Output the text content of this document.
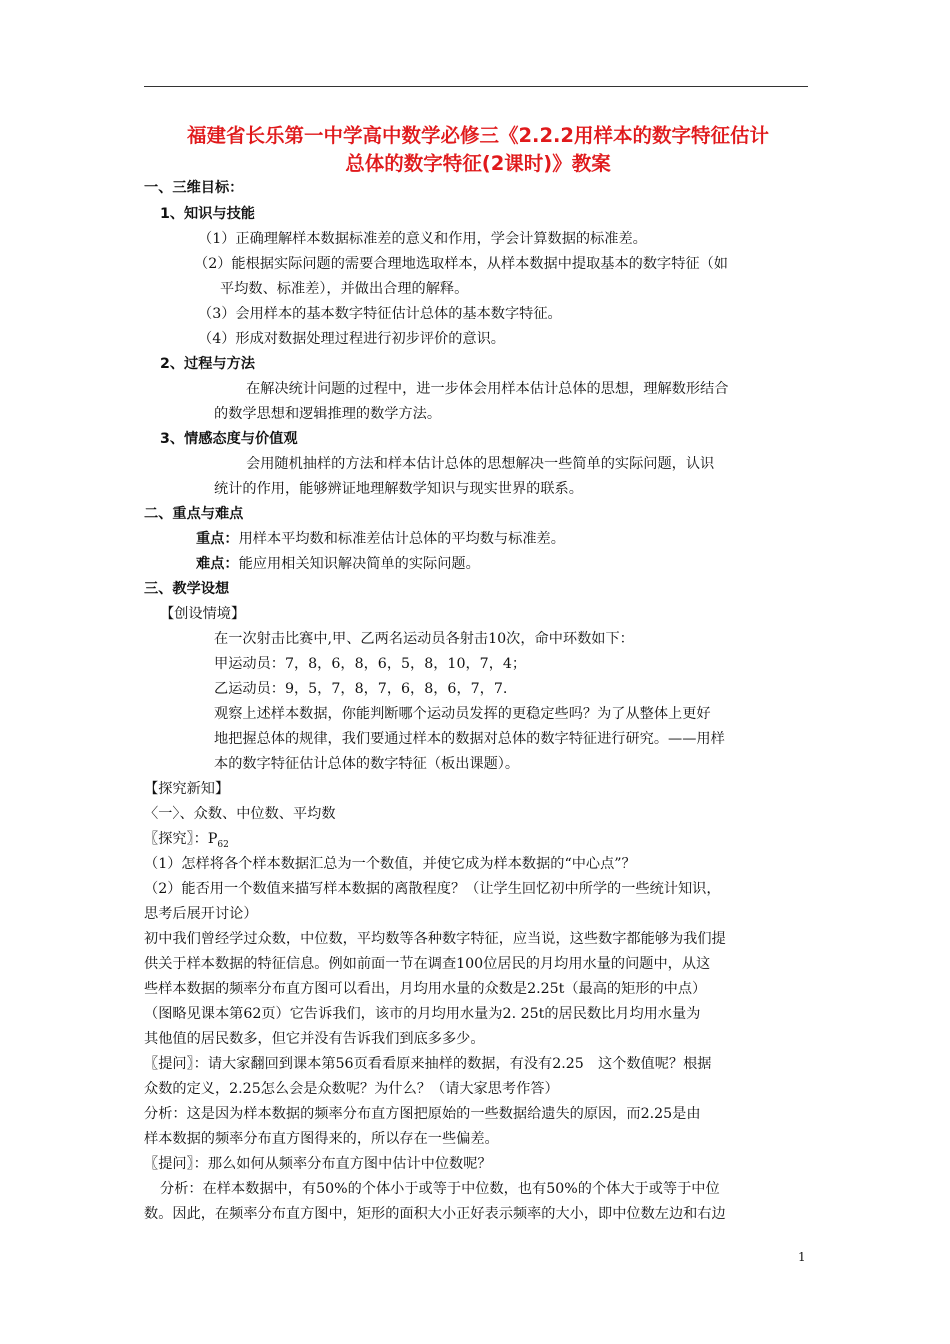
福建省长乐第一中学高中数学必修三《2.2.2用样本的数字特征估计
总体的数字特征(2课时)》教案
一、三维目标：
1、知识与技能
（1）正确理解样本数据标准差的意义和作用，学会计算数据的标准差。
（2）能根据实际问题的需要合理地选取样本，从样本数据中提取基本的数字特征（如
平均数、标准差），并做出合理的解释。
（3）会用样本的基本数字特征估计总体的基本数字特征。
（4）形成对数据处理过程进行初步评价的意识。
2、过程与方法
在解决统计问题的过程中，进一步体会用样本估计总体的思想，理解数形结合
的数学思想和逻辑推理的数学方法。
3、情感态度与价值观
会用随机抽样的方法和样本估计总体的思想解决一些简单的实际问题，认识
统计的作用，能够辨证地理解数学知识与现实世界的联系。
二、重点与难点
重点：用样本平均数和标准差估计总体的平均数与标准差。
难点：能应用相关知识解决简单的实际问题。
三、教学设想
【创设情境】
在一次射击比赛中,甲、乙两名运动员各射击10次，命中环数如下：
甲运动员：7，8，6，8，6，5，8，10，7，4；
乙运动员：9，5，7，8，7，6，8，6，7，7.
观察上述样本数据，你能判断哪个运动员发挥的更稳定些吗？为了从整体上更好
地把握总体的规律，我们要通过样本的数据对总体的数字特征进行研究。——用样
本的数字特征估计总体的数字特征（板出课题）。
【探究新知】
〈一〉、众数、中位数、平均数
〖探究〗：$P_{62}$
（1）怎样将各个样本数据汇总为一个数值，并使它成为样本数据的“中心点”？
（2）能否用一个数值来描写样本数据的离散程度？（让学生回忆初中所学的一些统计知识，
思考后展开讨论）
初中我们曾经学过众数，中位数，平均数等各种数字特征，应当说，这些数字都能够为我们提
供关于样本数据的特征信息。例如前面一节在调查100位居民的月均用水量的问题中，从这
些样本数据的频率分布直方图可以看出，月均用水量的众数是2.25t（最高的矩形的中点）
（图略见课本第62页）它告诉我们，该市的月均用水量为2. 25t的居民数比月均用水量为
其他值的居民数多，但它并没有告诉我们到底多多少。
〖提问〗：请大家翻回到课本第56页看看原来抽样的数据，有没有2.25　这个数值呢？根据
众数的定义，2.25怎么会是众数呢？为什么？（请大家思考作答）
分析：这是因为样本数据的频率分布直方图把原始的一些数据给遗失的原因，而2.25是由
样本数据的频率分布直方图得来的，所以存在一些偏差。
〖提问〗：那么如何从频率分布直方图中估计中位数呢？
分析：在样本数据中，有50%的个体小于或等于中位数，也有50%的个体大于或等于中位
数。因此，在频率分布直方图中，矩形的面积大小正好表示频率的大小，即中位数左边和右边
1
